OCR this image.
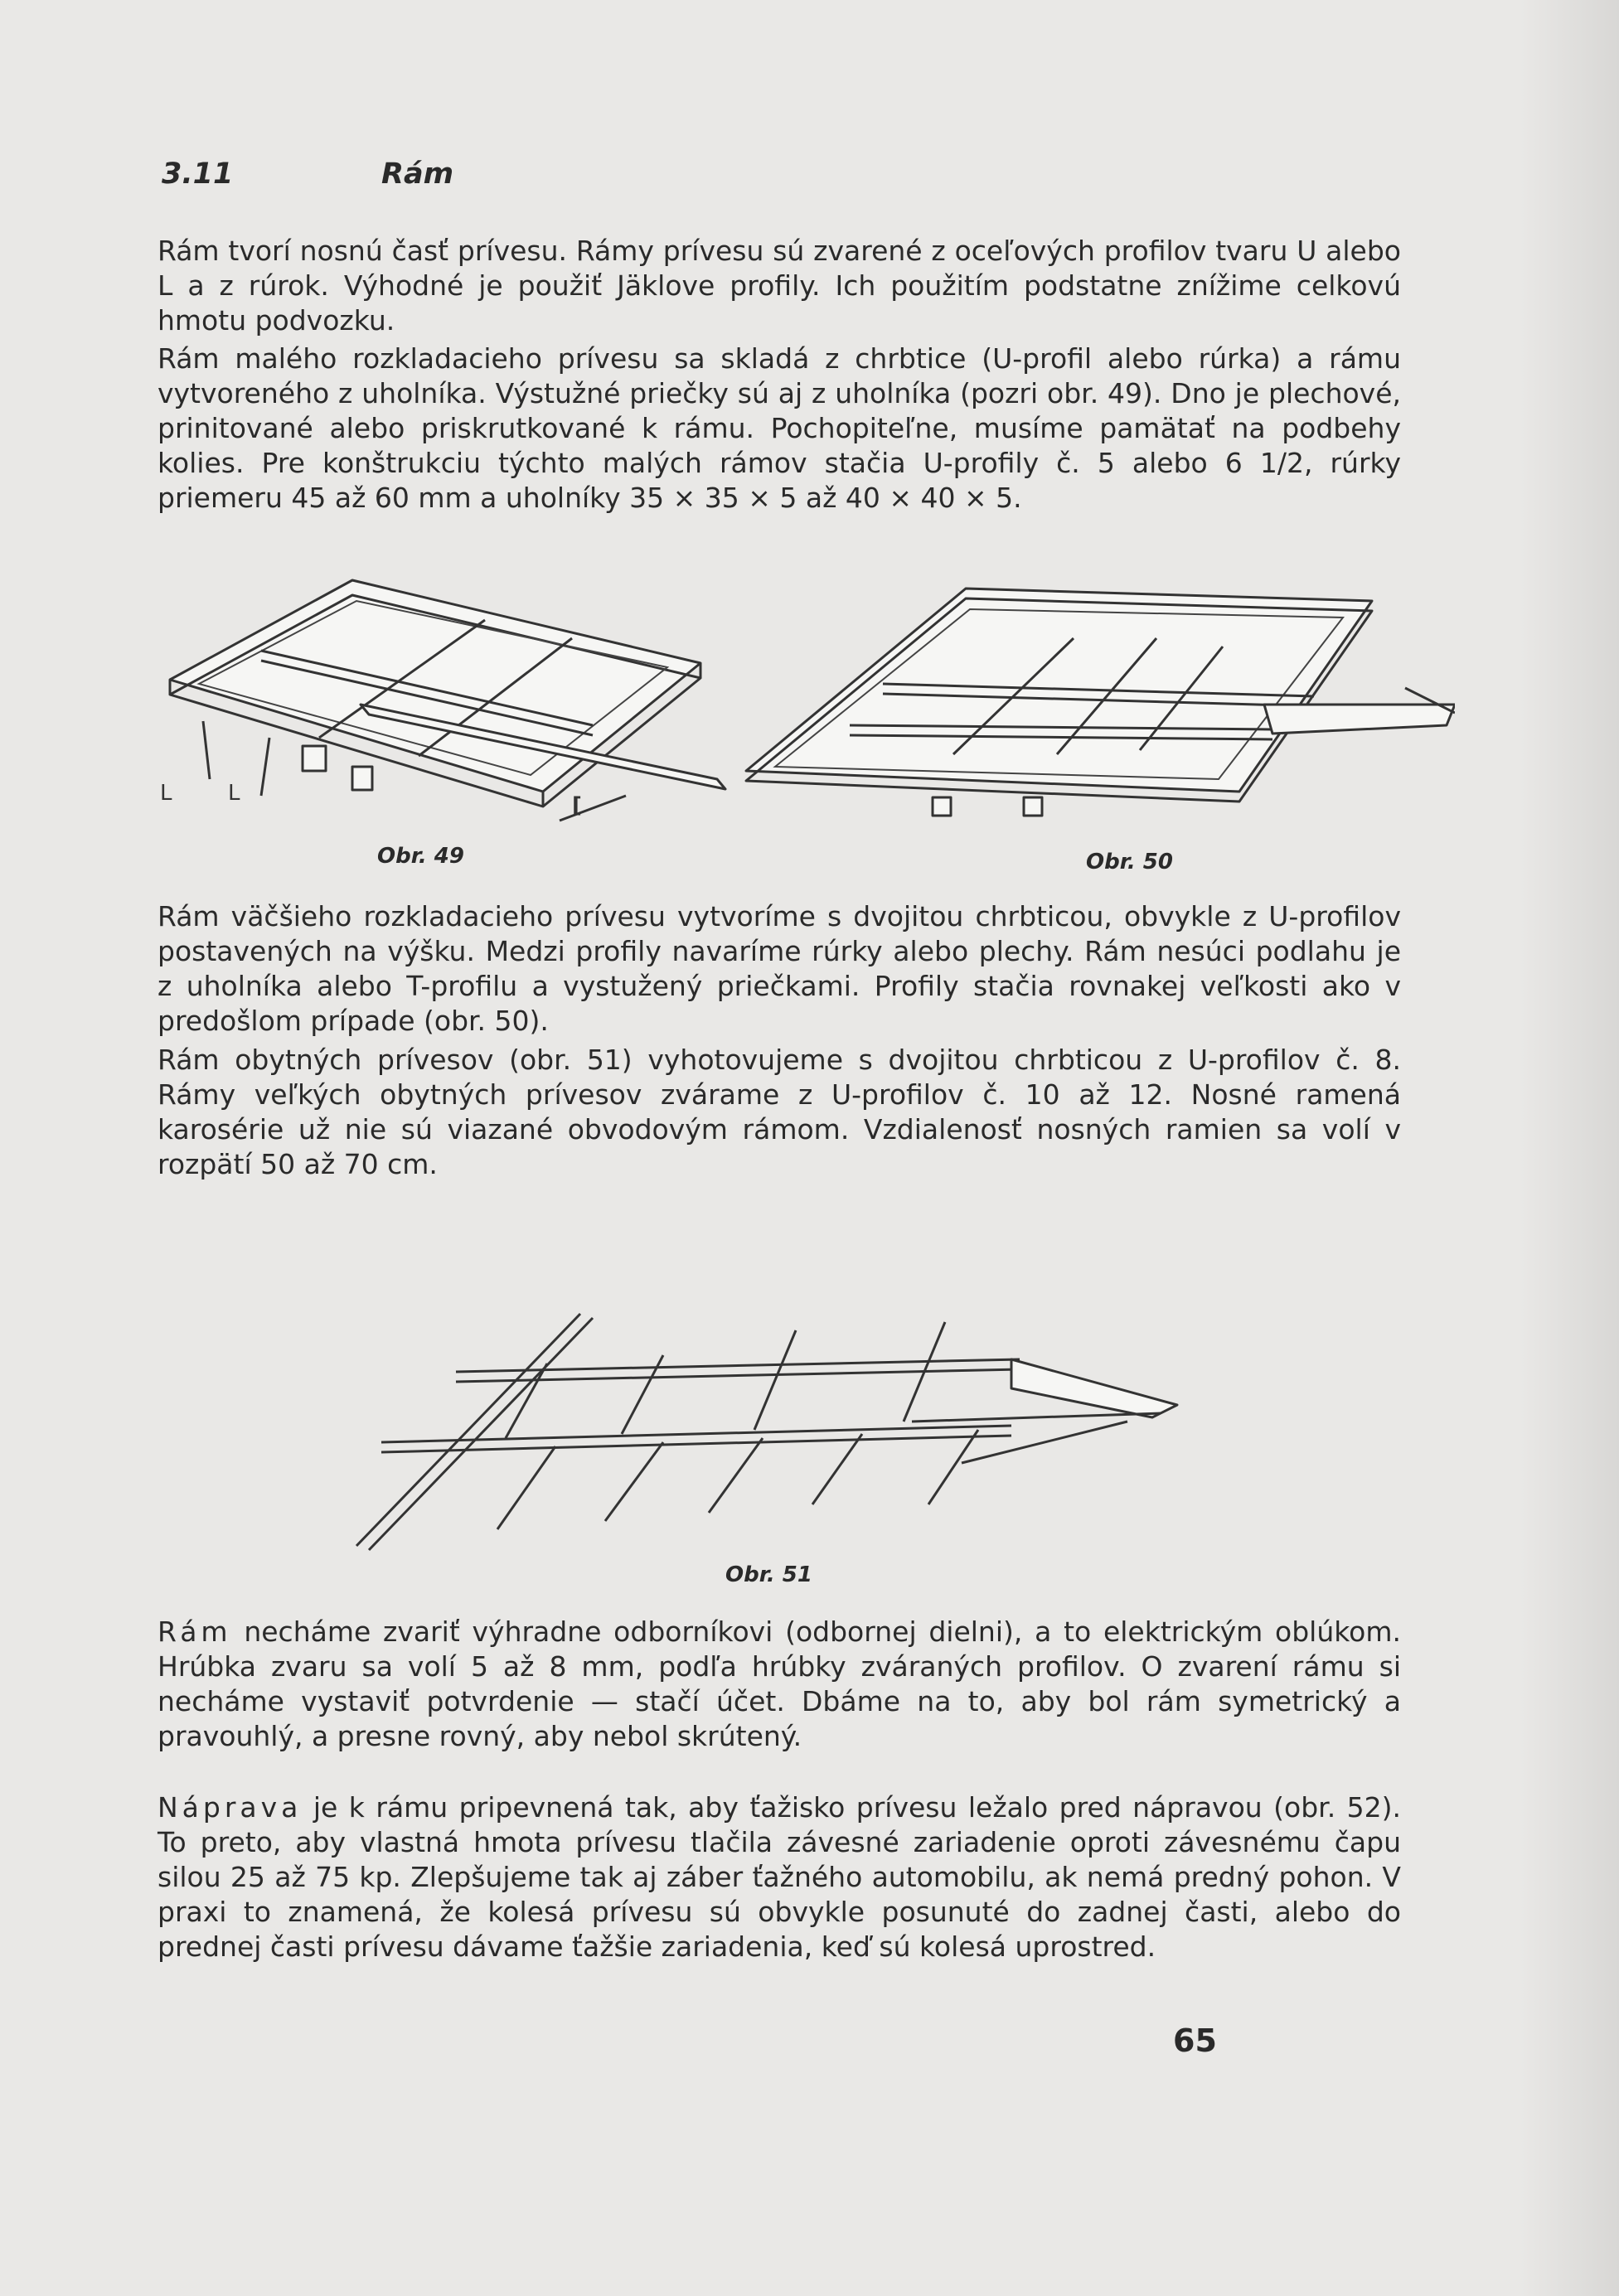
3.11	Rám

Rám tvorí nosnú časť prívesu. Rámy prívesu sú zvarené z oceľových profilov tvaru U alebo L a z rúrok. Výhodné je použiť Jäklove profily. Ich použitím podstatne znížime celkovú hmotu podvozku.

Rám malého rozkladacieho prívesu sa skladá z chrbtice (U-profil alebo rúrka) a rámu vytvoreného z uholníka. Výstužné priečky sú aj z uholníka (pozri obr. 49). Dno je plechové, prinitované alebo priskrutkované k rámu. Pochopiteľne, musíme pamätať na podbehy kolies. Pre konštrukciu týchto malých rámov stačia U-profily č. 5 alebo 6 1/2, rúrky priemeru 45 až 60 mm a uholníky 35 × 35 × 5 až 40 × 40 × 5.

L	L	[
Obr. 49	Obr. 50

Rám väčšieho rozkladacieho prívesu vytvoríme s dvojitou chrbticou, obvykle z U-profilov postavených na výšku. Medzi profily navaríme rúrky alebo plechy. Rám nesúci podlahu je z uholníka alebo T-profilu a vystužený priečkami. Profily stačia rovnakej veľkosti ako v predošlom prípade (obr. 50).

Rám obytných prívesov (obr. 51) vyhotovujeme s dvojitou chrbticou z U-profilov č. 8. Rámy veľkých obytných prívesov zvárame z U-profilov č. 10 až 12. Nosné ramená karosérie už nie sú viazané obvodovým rámom. Vzdialenosť nosných ramien sa volí v rozpätí 50 až 70 cm.

Obr. 51

Rám necháme zvariť výhradne odborníkovi (odbornej dielni), a to elektrickým oblúkom. Hrúbka zvaru sa volí 5 až 8 mm, podľa hrúbky zváraných profilov. O zvarení rámu si necháme vystaviť potvrdenie — stačí účet. Dbáme na to, aby bol rám symetrický a pravouhlý, a presne rovný, aby nebol skrútený.

Náprava je k rámu pripevnená tak, aby ťažisko prívesu ležalo pred nápravou (obr. 52). To preto, aby vlastná hmota prívesu tlačila závesné zariadenie oproti závesnému čapu silou 25 až 75 kp. Zlepšujeme tak aj záber ťažného automobilu, ak nemá predný pohon. V praxi to znamená, že kolesá prívesu sú obvykle posunuté do zadnej časti, alebo do prednej časti prívesu dávame ťažšie zariadenia, keď sú kolesá uprostred.

65
